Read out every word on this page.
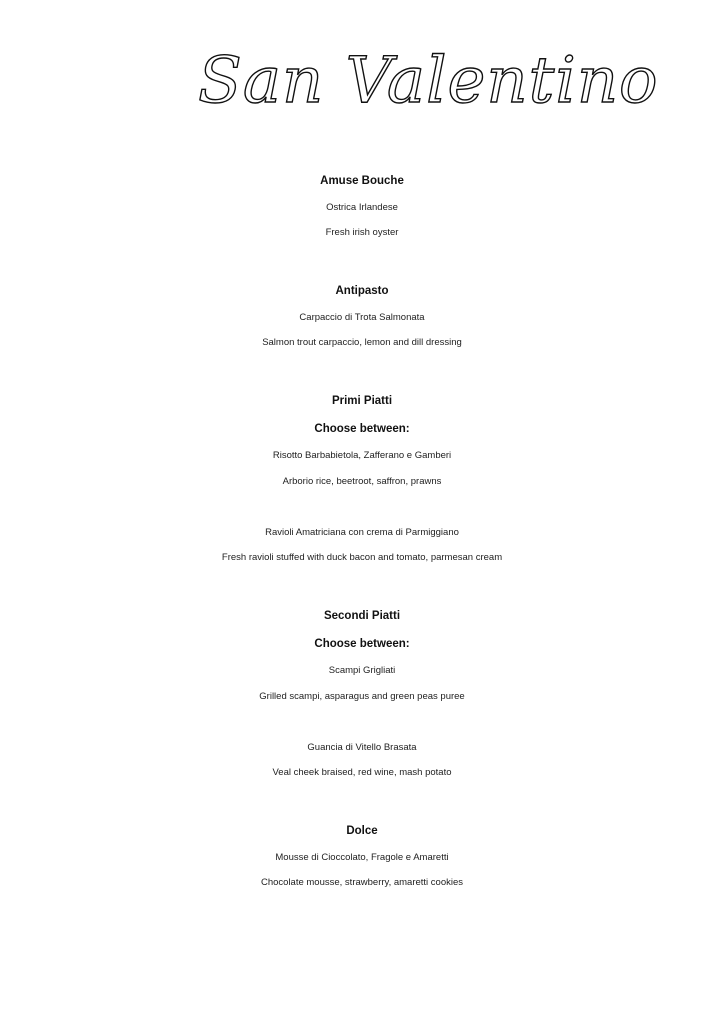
San Valentino
Amuse Bouche
Ostrica Irlandese
Fresh irish oyster
Antipasto
Carpaccio di Trota Salmonata
Salmon trout carpaccio, lemon and dill dressing
Primi Piatti
Choose between:
Risotto Barbabietola, Zafferano e Gamberi
Arborio rice, beetroot, saffron, prawns
Ravioli Amatriciana con crema di Parmiggiano
Fresh ravioli stuffed with duck bacon and tomato, parmesan cream
Secondi Piatti
Choose between:
Scampi Grigliati
Grilled scampi, asparagus and green peas puree
Guancia di Vitello Brasata
Veal cheek braised, red wine, mash potato
Dolce
Mousse di Cioccolato, Fragole e Amaretti
Chocolate mousse, strawberry, amaretti cookies
